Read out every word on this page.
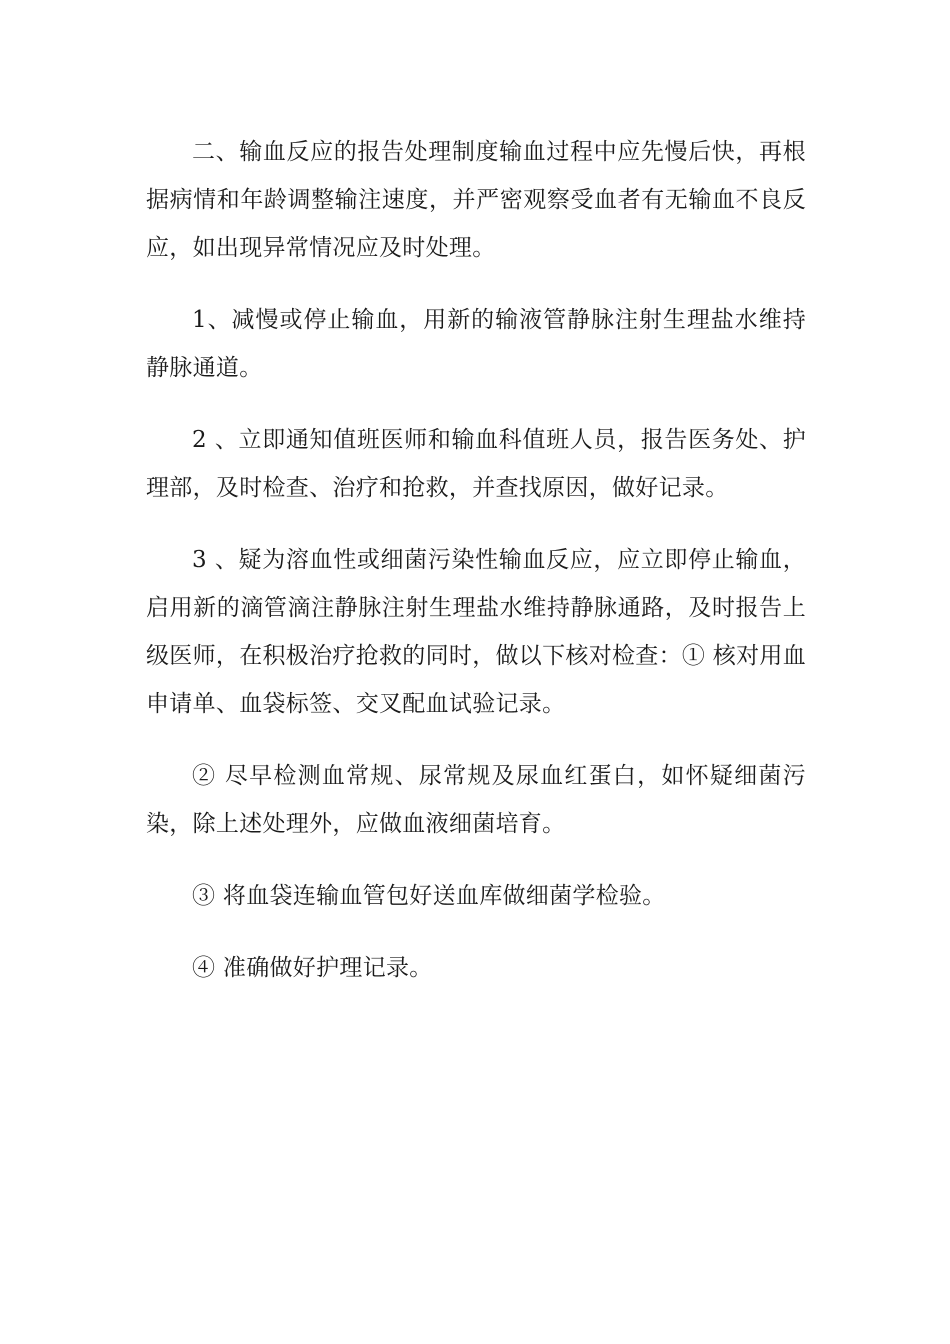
二、输血反应的报告处理制度输血过程中应先慢后快，再根据病情和年龄调整输注速度，并严密观察受血者有无输血不良反应，如出现异常情况应及时处理。

1、减慢或停止输血，用新的输液管静脉注射生理盐水维持静脉通道。

2 、立即通知值班医师和输血科值班人员，报告医务处、护理部，及时检查、治疗和抢救，并查找原因，做好记录。

3 、疑为溶血性或细菌污染性输血反应，应立即停止输血，启用新的滴管滴注静脉注射生理盐水维持静脉通路，及时报告上级医师，在积极治疗抢救的同时，做以下核对检查：① 核对用血申请单、血袋标签、交叉配血试验记录。

② 尽早检测血常规、尿常规及尿血红蛋白，如怀疑细菌污染，除上述处理外，应做血液细菌培育。

③ 将血袋连输血管包好送血库做细菌学检验。

④ 准确做好护理记录。
